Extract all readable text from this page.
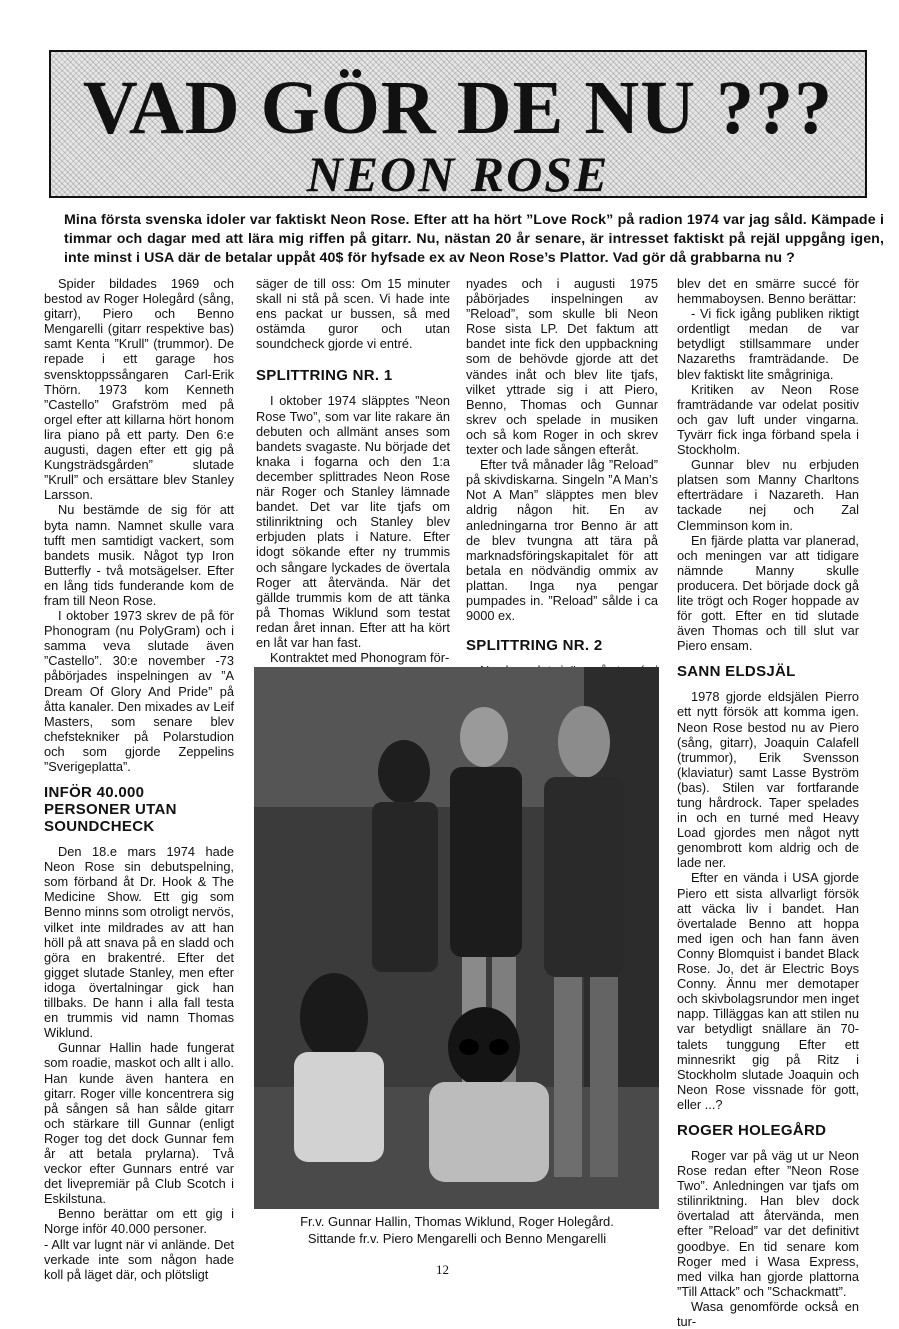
VAD GÖR DE NU ???
NEON ROSE
Mina första svenska idoler var faktiskt Neon Rose. Efter att ha hört ”Love Rock” på radion 1974 var jag såld. Kämpade i timmar och dagar med att lära mig riffen på gitarr. Nu, nästan 20 år senare, är intresset faktiskt på rejäl uppgång igen, inte minst i USA där de betalar uppåt 40$ för hyfsade ex av Neon Rose’s Plattor. Vad gör då grabbarna nu ?

Spider bildades 1969 och bestod av Roger Holegård (sång, gitarr), Piero och Benno Mengarelli (gitarr respektive bas) samt Kenta ”Krull” (trummor). De repade i ett garage hos svensktoppssångaren Carl-Erik Thörn. 1973 kom Kenneth ”Castello” Grafström med på orgel efter att killarna hört honom lira piano på ett party. Den 6:e augusti, dagen efter ett gig på Kungsträdsgården” slutade ”Krull” och ersättare blev Stanley Larsson.

Nu bestämde de sig för att byta namn. Namnet skulle vara tufft men samtidigt vackert, som bandets musik. Något typ Iron Butterfly - två motsägelser. Efter en lång tids funderande kom de fram till Neon Rose.

I oktober 1973 skrev de på för Phonogram (nu PolyGram) och i samma veva slutade även ”Castello”. 30:e november -73 påbörjades inspelningen av ”A Dream Of Glory And Pride” på åtta kanaler. Den mixades av Leif Masters, som senare blev chefstekniker på Polarstudion och som gjorde Zeppelins ”Sverigeplatta”.

INFÖR 40.000 PERSONER UTAN SOUNDCHECK

Den 18.e mars 1974 hade Neon Rose sin debutspelning, som förband åt Dr. Hook & The Medicine Show. Ett gig som Benno minns som otroligt nervös, vilket inte mildrades av att han höll på att snava på en sladd och göra en brakentré. Efter det gigget slutade Stanley, men efter idoga övertalningar gick han tillbaks. De hann i alla fall testa en trummis vid namn Thomas Wiklund.

Gunnar Hallin hade fungerat som roadie, maskot och allt i allo. Han kunde även hantera en gitarr. Roger ville koncentrera sig på sången så han sålde gitarr och stärkare till Gunnar (enligt Roger tog det dock Gunnar fem år att betala prylarna). Två veckor efter Gunnars entré var det livepremiär på Club Scotch i Eskilstuna.

Benno berättar om ett gig i Norge inför 40.000 personer.

- Allt var lugnt när vi anlände. Det verkade inte som någon hade koll på läget där, och plötsligt

säger de till oss: Om 15 minuter skall ni stå på scen. Vi hade inte ens packat ur bussen, så med ostämda guror och utan soundcheck gjorde vi entré.

SPLITTRING NR. 1

I oktober 1974 släpptes ”Neon Rose Two”, som var lite rakare än debuten och allmänt anses som bandets svagaste. Nu började det knaka i fogarna och den 1:a december splittrades Neon Rose när Roger och Stanley lämnade bandet. Det var lite tjafs om stilinriktning och Stanley blev erbjuden plats i Nature. Efter idogt sökande efter ny trummis och sångare lyckades de övertala Roger att återvända. När det gällde trummis kom de att tänka på Thomas Wiklund som testat redan året innan. Efter att ha kört en låt var han fast.

Kontraktet med Phonogram för-

nyades och i augusti 1975 påbörjades inspelningen av ”Reload”, som skulle bli Neon Rose sista LP. Det faktum att bandet inte fick den uppbackning som de behövde gjorde att det vändes inåt och blev lite tjafs, vilket yttrade sig i att Piero, Benno, Thomas och Gunnar skrev och spelade in musiken och så kom Roger in och skrev texter och lade sången efteråt.

Efter två månader låg ”Reload” på skivdiskarna. Singeln ”A Man’s Not A Man” släpptes men blev aldrig någon hit. En av anledningarna tror Benno är att de blev tvungna att tära på marknadsföringskapitalet för att betala en nödvändig ommix av plattan. Inga nya pengar pumpades in. ”Reload” sålde i ca 9000 ex.

SPLITTRING NR. 2

blev det en smärre succé för hemmaboysen. Benno berättar:

- Vi fick igång publiken riktigt ordentligt medan de var betydligt stillsammare under Nazareths framträdande. De blev faktiskt lite smågriniga.

Kritiken av Neon Rose framträdande var odelat positiv och gav luft under vingarna. Tyvärr fick inga förband spela i Stockholm.

Gunnar blev nu erbjuden platsen som Manny Charltons efterträdare i Nazareth. Han tackade nej och Zal Clemminson kom in.

En fjärde platta var planerad, och meningen var att tidigare nämnde Manny skulle producera. Det började dock gå lite trögt och Roger hoppade av för gott. Efter en tid slutade även Thomas och till slut var Piero ensam.

SANN ELDSJÄL

1978 gjorde eldsjälen Pierro ett nytt försök att komma igen. Neon Rose bestod nu av Piero (sång, gitarr), Joaquin Calafell (trummor), Erik Svensson (klaviatur) samt Lasse Byström (bas). Stilen var fortfarande tung hårdrock. Taper spelades in och en turné med Heavy Load gjordes men något nytt genombrott kom aldrig och de lade ner.

Efter en vända i USA gjorde Piero ett sista allvarligt försök att väcka liv i bandet. Han övertalade Benno att hoppa med igen och han fann även Conny Blomquist i bandet Black Rose. Jo, det är Electric Boys Conny. Ännu mer demotaper och skivbolagsrundor men inget napp. Tilläggas kan att stilen nu var betydligt snällare än 70-talets tunggung Efter ett minnesrikt gig på Ritz i Stockholm slutade Joaquin och Neon Rose vissnade för gott, eller ...?

ROGER HOLEGÅRD

Roger var på väg ut ur Neon Rose redan efter ”Neon Rose Two”. Anledningen var tjafs om stilinriktning. Han blev dock övertalad att återvända, men efter ”Reload” var det definitivt goodbye. En tid senare kom Roger med i Wasa Express, med vilka han gjorde plattorna ”Till Attack” och ”Schackmatt”.

Wasa genomförde också en tur-

Fr.v. Gunnar Hallin, Thomas Wiklund, Roger Holegård.
Sittande fr.v. Piero Mengarelli och Benno Mengarelli
12
